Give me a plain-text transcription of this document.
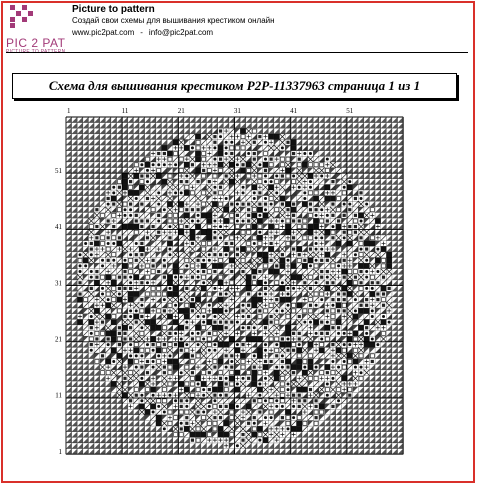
PIC 2 PAT
Picture to pattern
Создай свои схемы для вышивания крестиком онлайн
www.pic2pat.com - info@pic2pat.com
Схема для вышивания крестиком P2P-11337963 страница 1 из 1
1	11	21	31	41	51
51
41
31
21
11
1
